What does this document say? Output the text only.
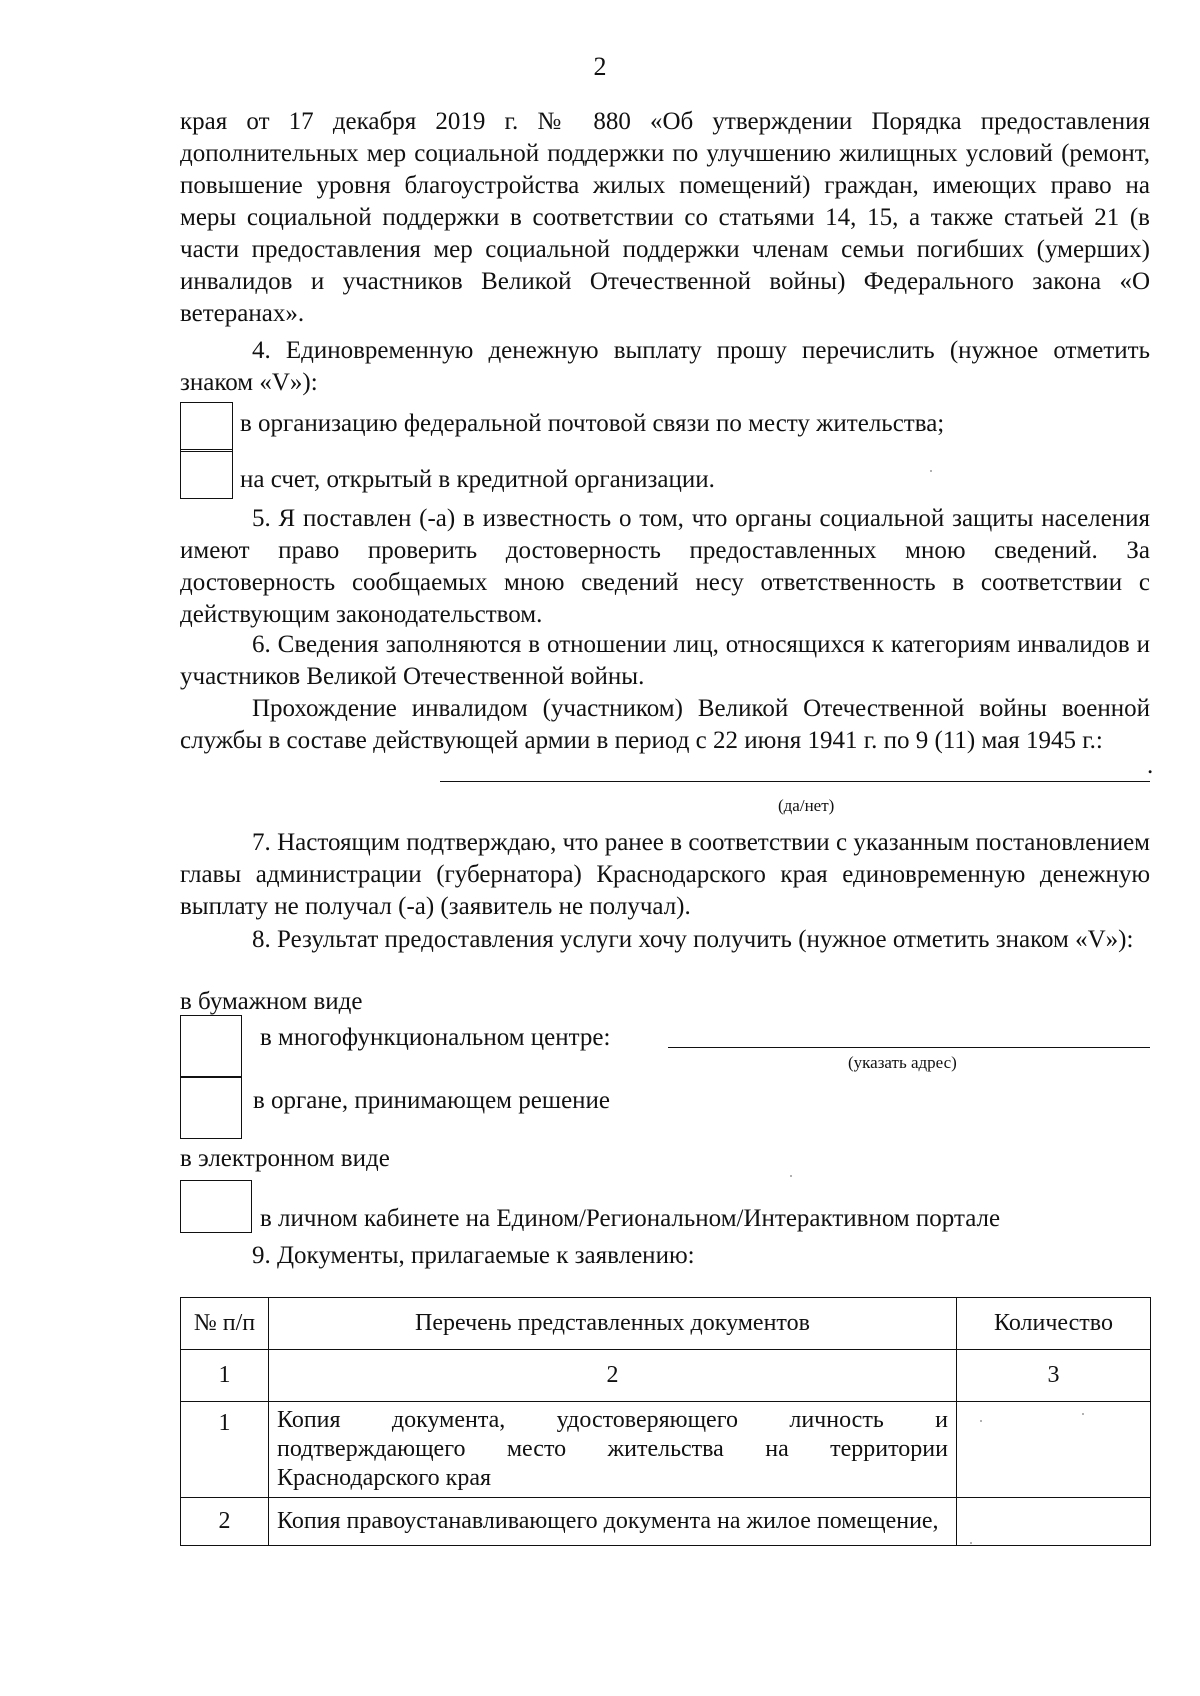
2
края от 17 декабря 2019 г. № 880 «Об утверждении Порядка предоставления дополнительных мер социальной поддержки по улучшению жилищных условий (ремонт, повышение уровня благоустройства жилых помещений) граждан, имеющих право на меры социальной поддержки в соответствии со статьями 14, 15, а также статьей 21 (в части предоставления мер социальной поддержки членам семьи погибших (умерших) инвалидов и участников Великой Отечественной войны) Федерального закона «О ветеранах».
4. Единовременную денежную выплату прошу перечислить (нужное отметить знаком «V»):
в организацию федеральной почтовой связи по месту жительства;
на счет, открытый в кредитной организации.
5. Я поставлен (-а) в известность о том, что органы социальной защиты населения имеют право проверить достоверность предоставленных мною сведений. За достоверность сообщаемых мною сведений несу ответственность в соответствии с действующим законодательством.
6. Сведения заполняются в отношении лиц, относящихся к категориям инвалидов и участников Великой Отечественной войны.
Прохождение инвалидом (участником) Великой Отечественной войны военной службы в составе действующей армии в период с 22 июня 1941 г. по 9 (11) мая 1945 г.:
.
(да/нет)
7. Настоящим подтверждаю, что ранее в соответствии с указанным постановлением главы администрации (губернатора) Краснодарского края единовременную денежную выплату не получал (-а) (заявитель не получал).
8. Результат предоставления услуги хочу получить (нужное отметить знаком «V»):
в бумажном виде
в многофункциональном центре:
(указать адрес)
в органе, принимающем решение
в электронном виде
в личном кабинете на Едином/Региональном/Интерактивном портале
9. Документы, прилагаемые к заявлению:
№ п/п	Перечень представленных документов	Количество
1	2	3
1	Копия документа, удостоверяющего личность и подтверждающего место жительства на территории Краснодарского края	
2	Копия правоустанавливающего документа на жилое помещение,	
